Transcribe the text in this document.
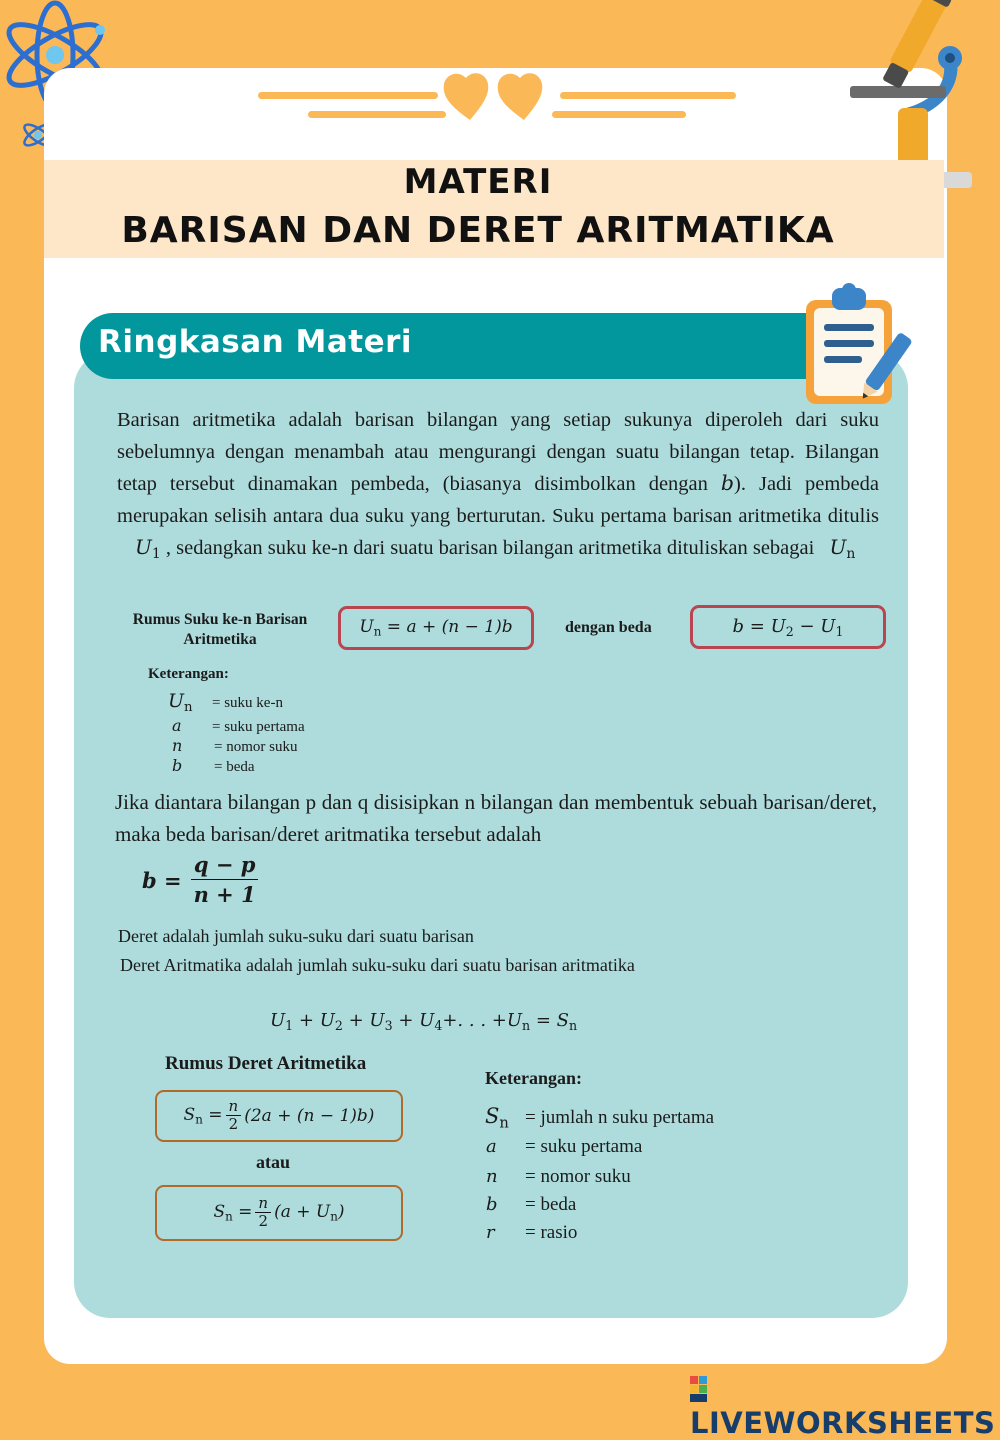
MATERI
BARISAN DAN DERET ARITMATIKA
Ringkasan Materi
Barisan aritmetika adalah barisan bilangan yang setiap sukunya diperoleh dari suku sebelumnya dengan menambah atau mengurangi dengan suatu bilangan tetap. Bilangan tetap tersebut dinamakan pembeda, (biasanya disimbolkan dengan b). Jadi pembeda merupakan selisih antara dua suku yang berturutan. Suku pertama barisan aritmetika ditulis $U_1$ , sedangkan suku ke-n dari suatu barisan bilangan aritmetika dituliskan sebagai $U_n$
Rumus Suku ke-n Barisan Aritmetika
$U_n = a + (n - 1)b$	dengan beda	$b = U_2 - U_1$
Keterangan:
$U_n$	= suku ke-n
a	= suku pertama
n	= nomor suku
b	= beda
Jika diantara bilangan p dan q disisipkan n bilangan dan membentuk sebuah barisan/deret, maka beda barisan/deret aritmatika tersebut adalah
$b = \frac{q - p}{n + 1}$
Deret adalah jumlah suku-suku dari suatu barisan
Deret Aritmatika adalah jumlah suku-suku dari suatu barisan aritmatika
$U_1 + U_2 + U_3 + U_4+$. . . $+U_n = S_n$
Rumus Deret Aritmetika
$S_n = \frac{n}{2} (2a + (n - 1)b)$
atau
$S_n = \frac{n}{2} (a + U_n)$
Keterangan:
$S_n$ = jumlah n suku pertama
a	= suku pertama
n	= nomor suku
b	= beda
r	= rasio
LIVEWORKSHEETS
